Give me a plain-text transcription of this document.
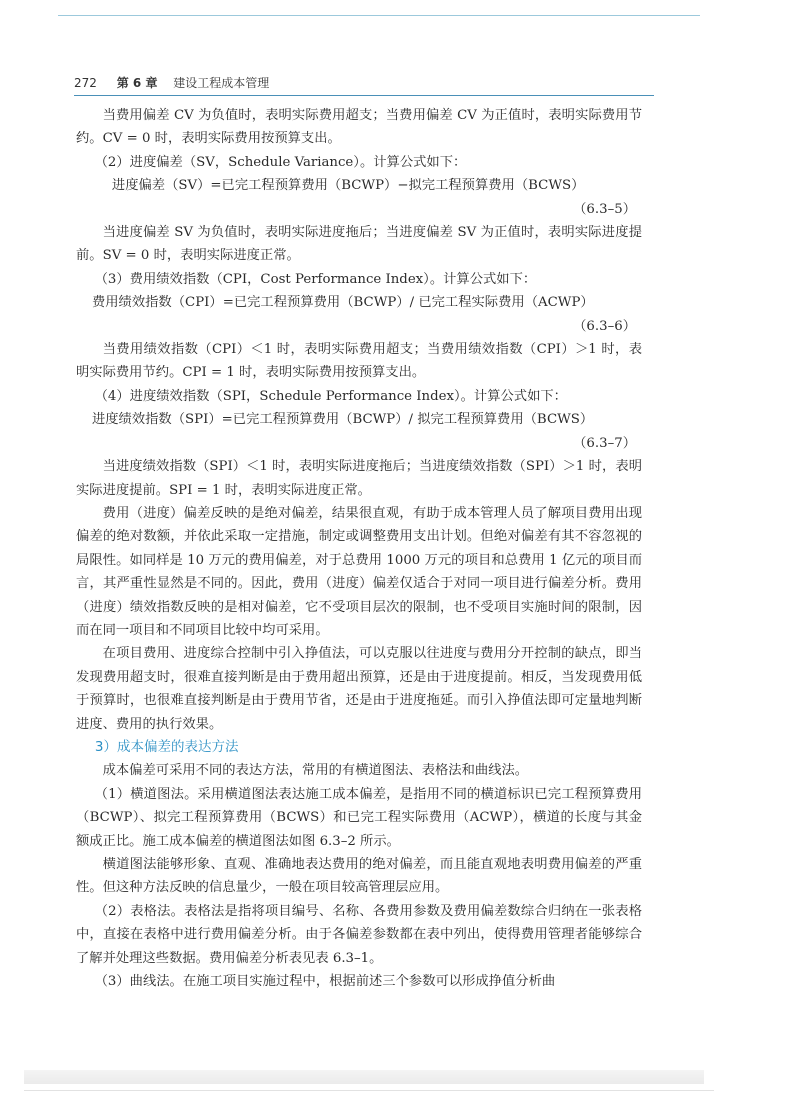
272 第 6 章 建设工程成本管理

当费用偏差 CV 为负值时，表明实际费用超支；当费用偏差 CV 为正值时，表明实际费用节约。CV = 0 时，表明实际费用按预算支出。

（2）进度偏差（SV，Schedule Variance）。计算公式如下：

进度偏差（SV）=已完工程预算费用（BCWP）−拟完工程预算费用（BCWS）

（6.3–5）

当进度偏差 SV 为负值时，表明实际进度拖后；当进度偏差 SV 为正值时，表明实际进度提前。SV = 0 时，表明实际进度正常。

（3）费用绩效指数（CPI，Cost Performance Index）。计算公式如下：

费用绩效指数（CPI）=已完工程预算费用（BCWP）/ 已完工程实际费用（ACWP）

（6.3–6）

当费用绩效指数（CPI）＜1 时，表明实际费用超支；当费用绩效指数（CPI）＞1 时，表明实际费用节约。CPI = 1 时，表明实际费用按预算支出。

（4）进度绩效指数（SPI，Schedule Performance Index）。计算公式如下：

进度绩效指数（SPI）=已完工程预算费用（BCWP）/ 拟完工程预算费用（BCWS）

（6.3–7）

当进度绩效指数（SPI）＜1 时，表明实际进度拖后；当进度绩效指数（SPI）＞1 时，表明实际进度提前。SPI = 1 时，表明实际进度正常。

费用（进度）偏差反映的是绝对偏差，结果很直观，有助于成本管理人员了解项目费用出现偏差的绝对数额，并依此采取一定措施，制定或调整费用支出计划。但绝对偏差有其不容忽视的局限性。如同样是 10 万元的费用偏差，对于总费用 1000 万元的项目和总费用 1 亿元的项目而言，其严重性显然是不同的。因此，费用（进度）偏差仅适合于对同一项目进行偏差分析。费用（进度）绩效指数反映的是相对偏差，它不受项目层次的限制，也不受项目实施时间的限制，因而在同一项目和不同项目比较中均可采用。

在项目费用、进度综合控制中引入挣值法，可以克服以往进度与费用分开控制的缺点，即当发现费用超支时，很难直接判断是由于费用超出预算，还是由于进度提前。相反，当发现费用低于预算时，也很难直接判断是由于费用节省，还是由于进度拖延。而引入挣值法即可定量地判断进度、费用的执行效果。

3）成本偏差的表达方法

成本偏差可采用不同的表达方法，常用的有横道图法、表格法和曲线法。

（1）横道图法。采用横道图法表达施工成本偏差，是指用不同的横道标识已完工程预算费用（BCWP）、拟完工程预算费用（BCWS）和已完工程实际费用（ACWP），横道的长度与其金额成正比。施工成本偏差的横道图法如图 6.3–2 所示。

横道图法能够形象、直观、准确地表达费用的绝对偏差，而且能直观地表明费用偏差的严重性。但这种方法反映的信息量少，一般在项目较高管理层应用。

（2）表格法。表格法是指将项目编号、名称、各费用参数及费用偏差数综合归纳在一张表格中，直接在表格中进行费用偏差分析。由于各偏差参数都在表中列出，使得费用管理者能够综合了解并处理这些数据。费用偏差分析表见表 6.3–1。

（3）曲线法。在施工项目实施过程中，根据前述三个参数可以形成挣值分析曲
